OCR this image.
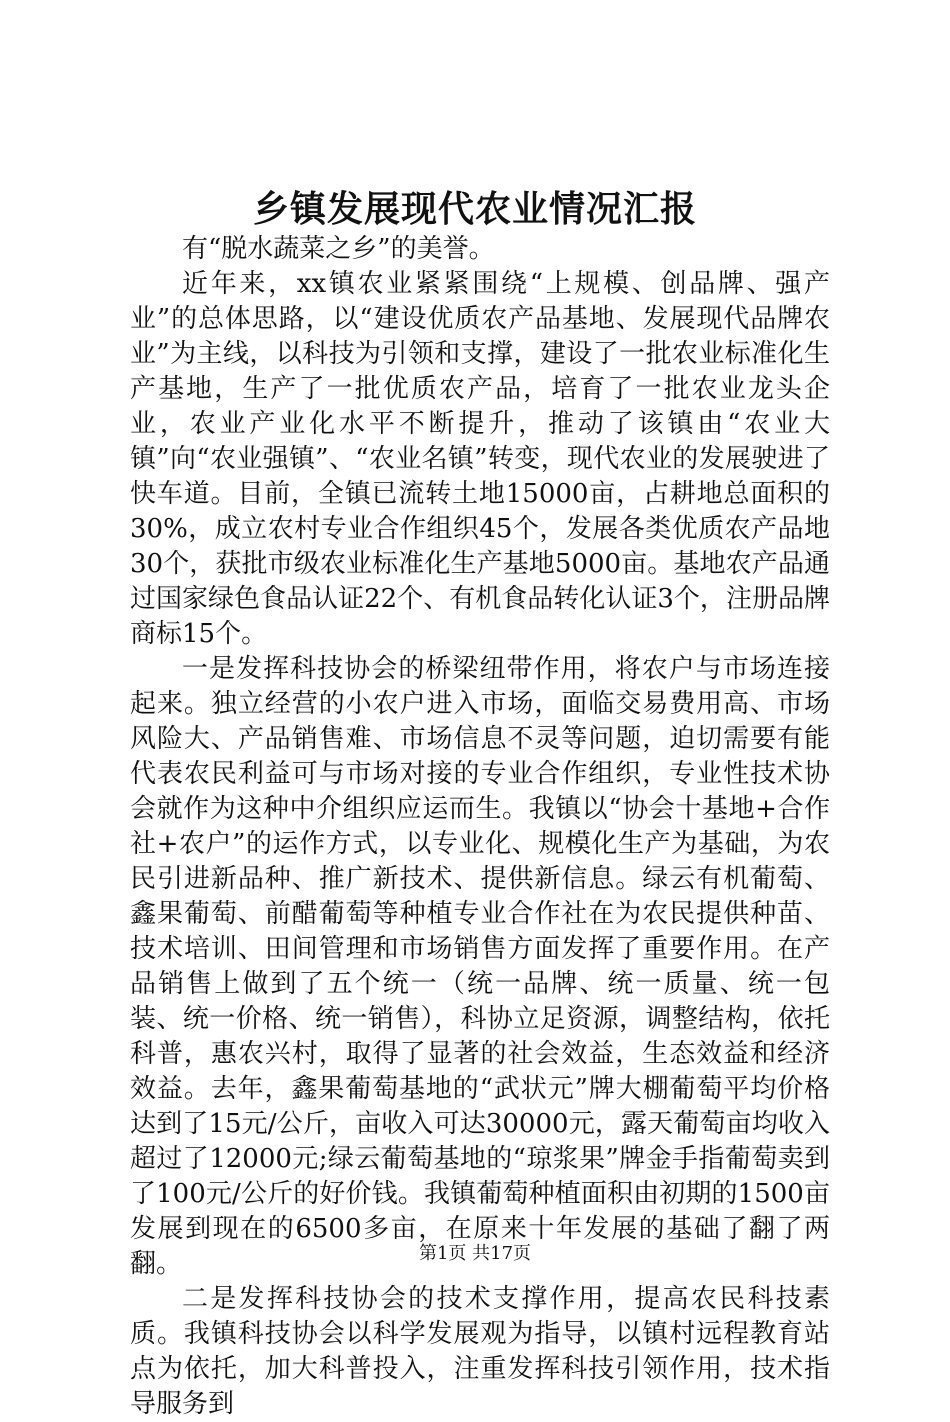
乡镇发展现代农业情况汇报

有“脱水蔬菜之乡”的美誉。

近年来，xx镇农业紧紧围绕“上规模、创品牌、强产业”的总体思路，以“建设优质农产品基地、发展现代品牌农业”为主线，以科技为引领和支撑，建设了一批农业标准化生产基地，生产了一批优质农产品，培育了一批农业龙头企业，农业产业化水平不断提升，推动了该镇由“农业大镇”向“农业强镇”、“农业名镇”转变，现代农业的发展驶进了快车道。目前，全镇已流转土地15000亩，占耕地总面积的30%，成立农村专业合作组织45个，发展各类优质农产品地30个，获批市级农业标准化生产基地5000亩。基地农产品通过国家绿色食品认证22个、有机食品转化认证3个，注册品牌商标15个。

一是发挥科技协会的桥梁纽带作用，将农户与市场连接起来。独立经营的小农户进入市场，面临交易费用高、市场风险大、产品销售难、市场信息不灵等问题，迫切需要有能代表农民利益可与市场对接的专业合作组织，专业性技术协会就作为这种中介组织应运而生。我镇以“协会十基地+合作社+农户”的运作方式，以专业化、规模化生产为基础，为农民引进新品种、推广新技术、提供新信息。绿云有机葡萄、鑫果葡萄、前醋葡萄等种植专业合作社在为农民提供种苗、技术培训、田间管理和市场销售方面发挥了重要作用。在产品销售上做到了五个统一（统一品牌、统一质量、统一包装、统一价格、统一销售），科协立足资源，调整结构，依托科普，惠农兴村，取得了显著的社会效益，生态效益和经济效益。去年，鑫果葡萄基地的“武状元”牌大棚葡萄平均价格达到了15元/公斤，亩收入可达30000元，露天葡萄亩均收入超过了12000元;绿云葡萄基地的“琼浆果”牌金手指葡萄卖到了100元/公斤的好价钱。我镇葡萄种植面积由初期的1500亩发展到现在的6500多亩，在原来十年发展的基础了翻了两翻。

二是发挥科技协会的技术支撑作用，提高农民科技素质。我镇科技协会以科学发展观为指导，以镇村远程教育站点为依托，加大科普投入，注重发挥科技引领作用，技术指导服务到

第1页 共17页
